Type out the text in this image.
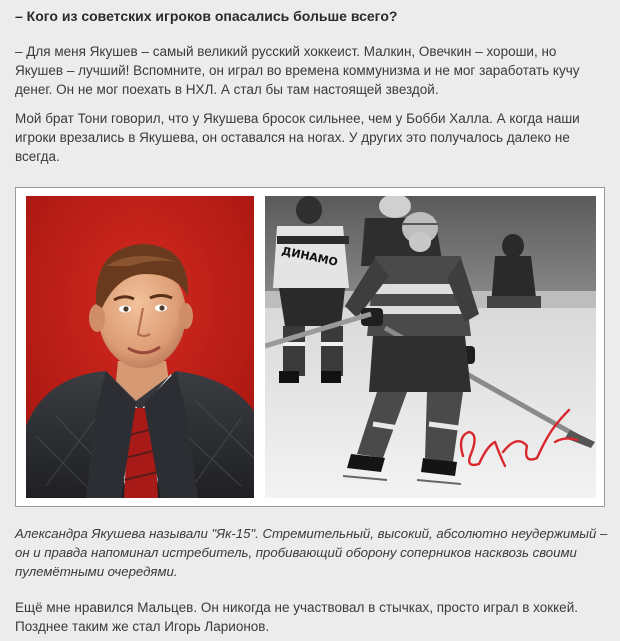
– Кого из советских игроков опасались больше всего?

– Для меня Якушев – самый великий русский хоккеист. Малкин, Овечкин – хороши, но Якушев – лучший! Вспомните, он играл во времена коммунизма и не мог заработать кучу денег. Он не мог поехать в НХЛ. А стал бы там настоящей звездой.

Мой брат Тони говорил, что у Якушева бросок сильнее, чем у Бобби Халла. А когда наши игроки врезались в Якушева, он оставался на ногах. У других это получалось далеко не всегда.

ДИНАМО

Александра Якушева называли "Як-15". Стремительный, высокий, абсолютно неудержимый – он и правда напоминал истребитель, пробивающий оборону соперников насквозь своими пулемётными очередями.

Ещё мне нравился Мальцев. Он никогда не участвовал в стычках, просто играл в хоккей. Позднее таким же стал Игорь Ларионов.
